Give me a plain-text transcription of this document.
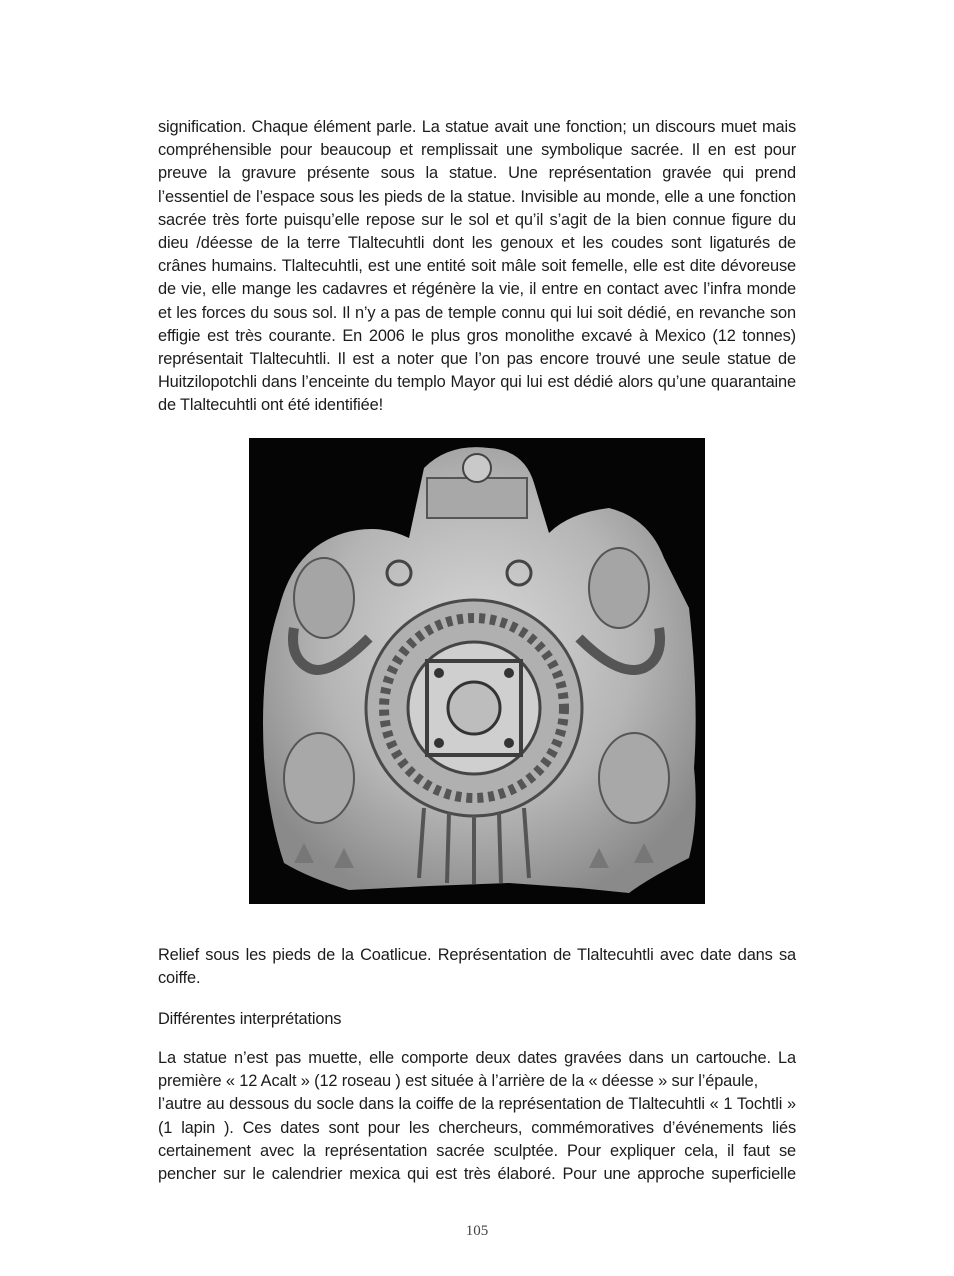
signification. Chaque élément parle. La statue avait une fonction; un discours muet mais compréhensible pour beaucoup et remplissait une symbolique sacrée. Il en est pour preuve la gravure présente sous la statue. Une représentation gravée qui prend l’essentiel de l’espace sous les pieds de la statue. Invisible au monde, elle a une fonction sacrée très forte puisqu’elle repose sur le sol et qu’il s’agit de la bien connue figure du dieu /déesse de la terre Tlaltecuhtli dont les genoux et les coudes sont ligaturés de crânes humains. Tlaltecuhtli, est une entité soit mâle soit femelle, elle est dite dévoreuse de vie, elle mange les cadavres et régénère la vie, il entre en contact avec l’infra monde et les forces du sous sol. Il n’y a pas de temple connu qui lui soit dédié, en revanche son effigie est très courante. En 2006 le plus gros monolithe excavé à Mexico (12 tonnes) représentait Tlaltecuhtli. Il est a noter que l’on pas encore trouvé une seule statue de Huitzilopotchli dans l’enceinte du templo Mayor qui lui est dédié alors qu’une quarantaine de Tlaltecuhtli ont été identifiée!
Relief sous les pieds de la Coatlicue. Représentation de Tlaltecuhtli avec date dans sa coiffe.
Différentes interprétations
La statue n’est pas muette, elle comporte deux dates gravées dans un cartouche. La
première « 12 Acalt » (12 roseau ) est située à l’arrière de la « déesse » sur l’épaule,
l’autre au dessous du socle dans la coiffe de la représentation de Tlaltecuhtli « 1 Tochtli »
(1 lapin ). Ces dates sont pour les chercheurs, commémoratives d’événements liés
certainement avec la représentation sacrée sculptée. Pour expliquer cela, il faut se
pencher sur le calendrier mexica qui est très élaboré. Pour une approche superficielle
105
